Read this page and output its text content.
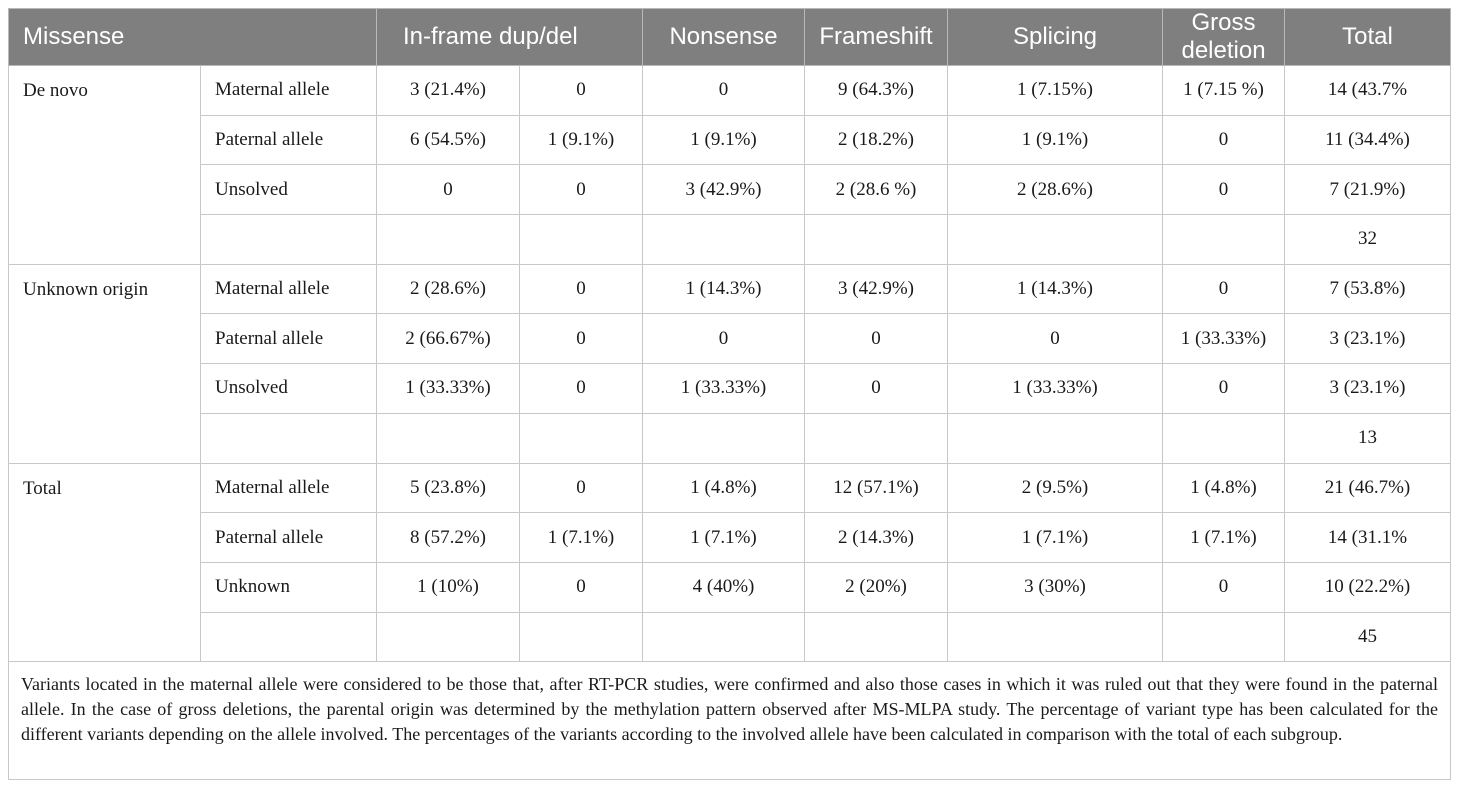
Missense		In-frame dup/del		Nonsense	Frameshift	Splicing	Gross deletion	Total
De novo	Maternal allele	3 (21.4%)	0	0	9 (64.3%)	1 (7.15%)	1 (7.15 %)	14 (43.7%
	Paternal allele	6 (54.5%)	1 (9.1%)	1 (9.1%)	2 (18.2%)	1 (9.1%)	0	11 (34.4%)
	Unsolved	0	0	3 (42.9%)	2 (28.6 %)	2 (28.6%)	0	7 (21.9%)
								32
Unknown origin	Maternal allele	2 (28.6%)	0	1 (14.3%)	3 (42.9%)	1 (14.3%)	0	7 (53.8%)
	Paternal allele	2 (66.67%)	0	0	0	0	1 (33.33%)	3 (23.1%)
	Unsolved	1 (33.33%)	0	1 (33.33%)	0	1 (33.33%)	0	3 (23.1%)
								13
Total	Maternal allele	5 (23.8%)	0	1 (4.8%)	12 (57.1%)	2 (9.5%)	1 (4.8%)	21 (46.7%)
	Paternal allele	8 (57.2%)	1 (7.1%)	1 (7.1%)	2 (14.3%)	1 (7.1%)	1 (7.1%)	14 (31.1%
	Unknown	1 (10%)	0	4 (40%)	2 (20%)	3 (30%)	0	10 (22.2%)
								45
Variants located in the maternal allele were considered to be those that, after RT-PCR studies, were confirmed and also those cases in which it was ruled out that they were found in the paternal allele. In the case of gross deletions, the parental origin was determined by the methylation pattern observed after MS-MLPA study. The percentage of variant type has been calculated for the different variants depending on the allele involved. The percentages of the variants according to the involved allele have been calculated in comparison with the total of each subgroup.								
